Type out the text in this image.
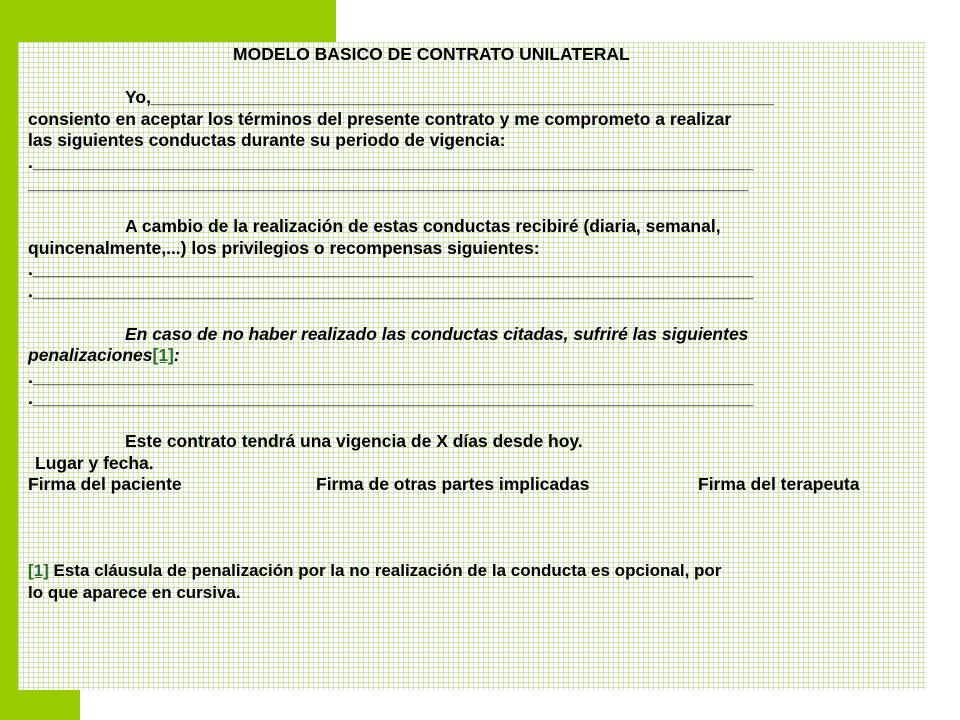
MODELO BASICO DE CONTRATO UNILATERAL
Yo,________________________________________________________________
consiento en aceptar los términos del presente contrato y me comprometo a realizar
las siguientes conductas durante su periodo de vigencia:
.__________________________________________________________________________
__________________________________________________________________________
A cambio de la realización de estas conductas recibiré (diaria, semanal,
quincenalmente,...) los privilegios o recompensas siguientes:
.__________________________________________________________________________
.__________________________________________________________________________
En caso de no haber realizado las conductas citadas, sufriré las siguientes
penalizaciones[1]:
.__________________________________________________________________________
.__________________________________________________________________________
Este contrato tendrá una vigencia de X días desde hoy.
Lugar y fecha.
Firma del paciente	Firma de otras partes implicadas	Firma del terapeuta
[1] Esta cláusula de penalización por la no realización de la conducta es opcional, por
lo que aparece en cursiva.
